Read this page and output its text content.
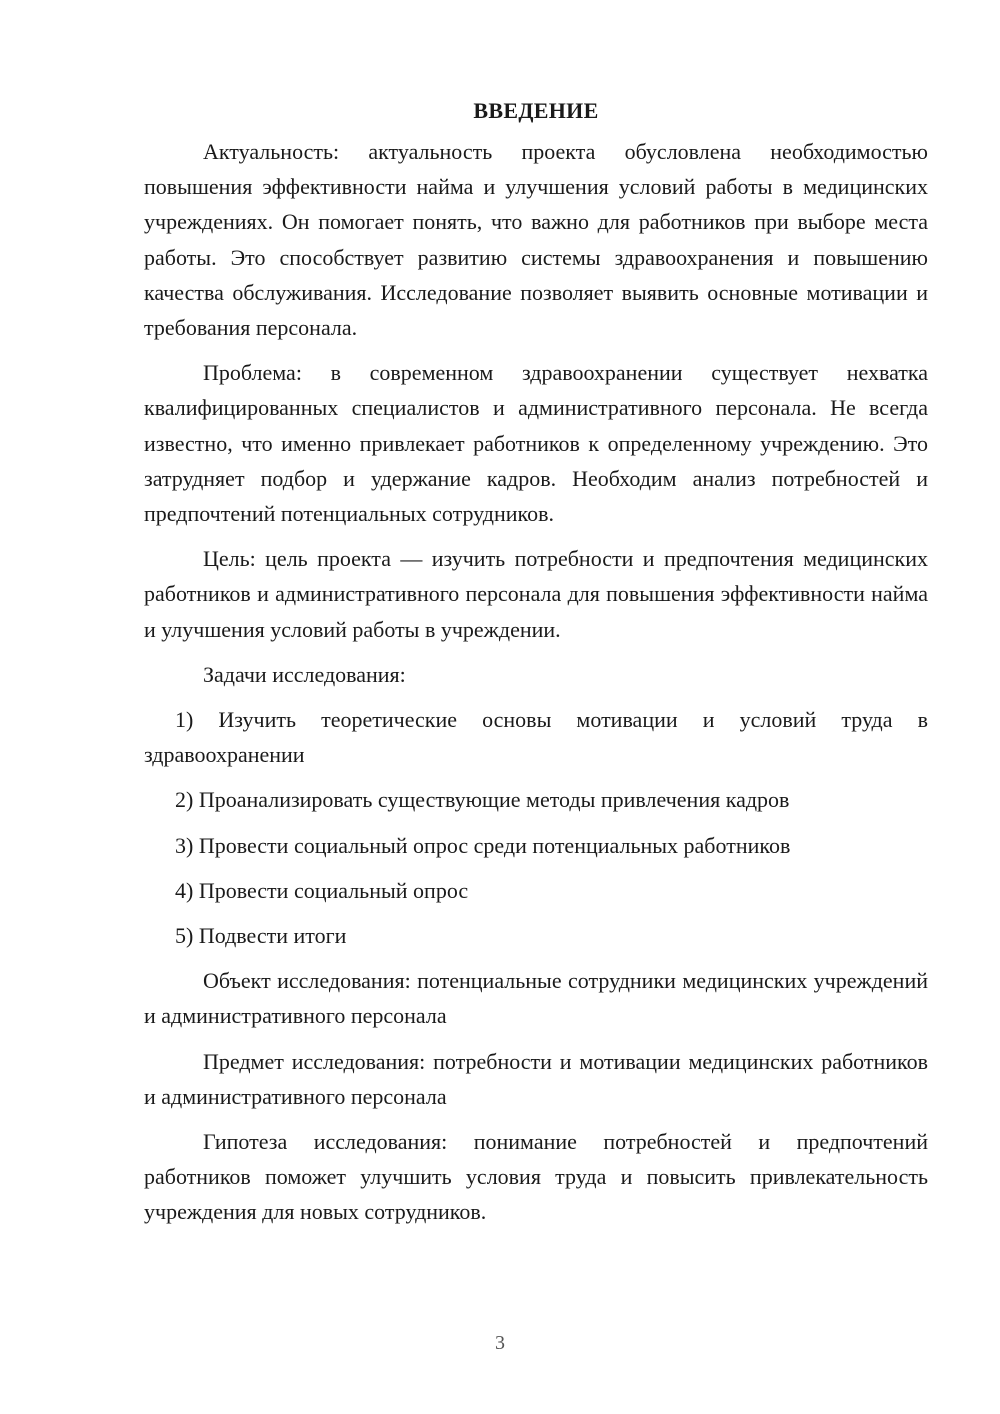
ВВЕДЕНИЕ

Актуальность: актуальность проекта обусловлена необходимостью повышения эффективности найма и улучшения условий работы в медицинских учреждениях. Он помогает понять, что важно для работников при выборе места работы. Это способствует развитию системы здравоохранения и повышению качества обслуживания. Исследование позволяет выявить основные мотивации и требования персонала.

Проблема: в современном здравоохранении существует нехватка квалифицированных специалистов и административного персонала. Не всегда известно, что именно привлекает работников к определенному учреждению. Это затрудняет подбор и удержание кадров. Необходим анализ потребностей и предпочтений потенциальных сотрудников.

Цель: цель проекта — изучить потребности и предпочтения медицинских работников и административного персонала для повышения эффективности найма и улучшения условий работы в учреждении.

Задачи исследования:

1) Изучить теоретические основы мотивации и условий труда в здравоохранении

2) Проанализировать существующие методы привлечения кадров

3) Провести социальный опрос среди потенциальных работников

4) Провести социальный опрос

5) Подвести итоги

Объект исследования: потенциальные сотрудники медицинских учреждений и административного персонала

Предмет исследования: потребности и мотивации медицинских работников и административного персонала

Гипотеза исследования: понимание потребностей и предпочтений работников поможет улучшить условия труда и повысить привлекательность учреждения для новых сотрудников.

3
